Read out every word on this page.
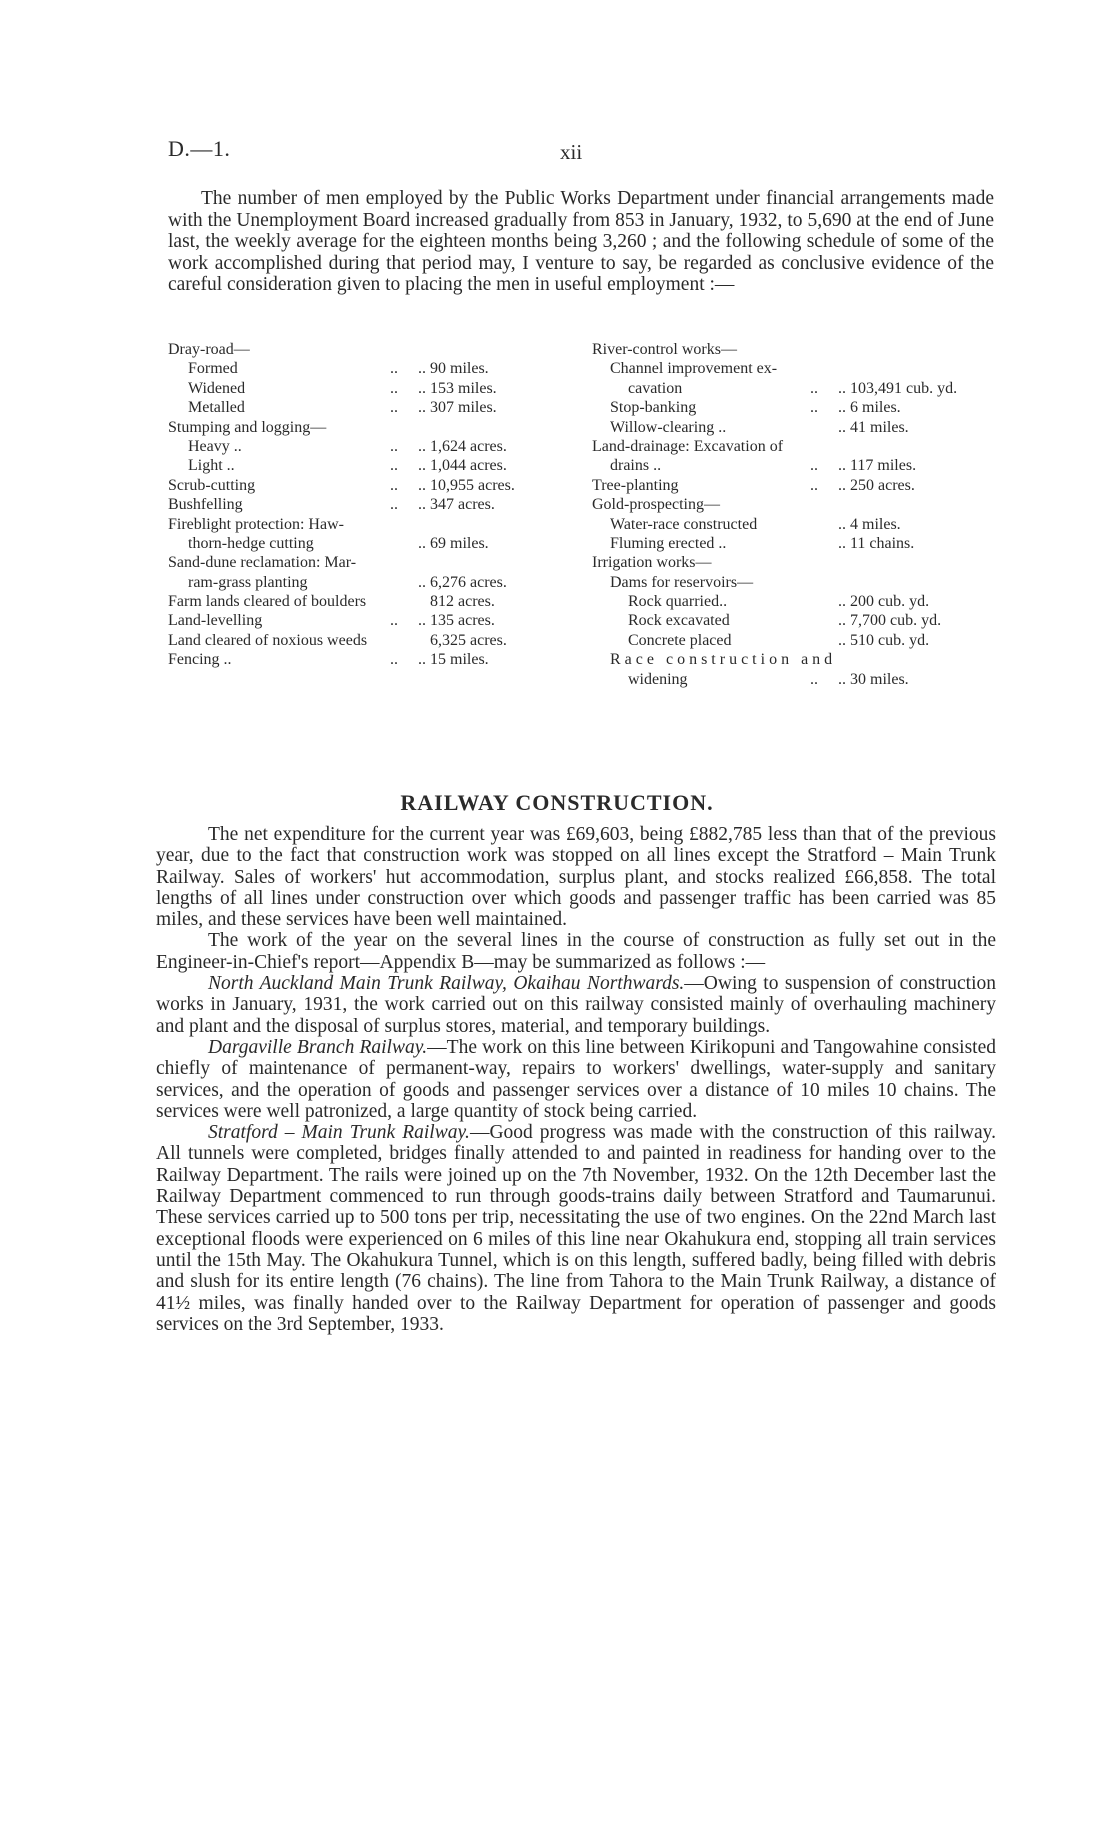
D.—1.	xii

The number of men employed by the Public Works Department under financial arrangements made with the Unemployment Board increased gradually from 853 in January, 1932, to 5,690 at the end of June last, the weekly average for the eighteen months being 3,260 ; and the following schedule of some of the work accomplished during that period may, I venture to say, be regarded as conclusive evidence of the careful consideration given to placing the men in useful employment :—

Dray-road—
Formed	..     .. 90 miles.
Widened	..     .. 153 miles.
Metalled	..     .. 307 miles.
Stumping and logging—
Heavy ..	..     .. 1,624 acres.
Light ..	..     .. 1,044 acres.
Scrub-cutting	..     .. 10,955 acres.
Bushfelling	..     .. 347 acres.
Fireblight protection: Haw-
thorn-hedge cutting	.. 69 miles.
Sand-dune reclamation: Mar-
ram-grass planting	.. 6,276 acres.
Farm lands cleared of boulders	812 acres.
Land-levelling	..     .. 135 acres.
Land cleared of noxious weeds	6,325 acres.
Fencing ..	..     .. 15 miles.
River-control works—
Channel improvement ex-
cavation	..     .. 103,491 cub. yd.
Stop-banking	..     .. 6 miles.
Willow-clearing ..	.. 41 miles.
Land-drainage: Excavation of
drains ..	..     .. 117 miles.
Tree-planting	..     .. 250 acres.
Gold-prospecting—
Water-race constructed	.. 4 miles.
Fluming erected ..	.. 11 chains.
Irrigation works—
Dams for reservoirs—
Rock quarried..	.. 200 cub. yd.
Rock excavated	.. 7,700 cub. yd.
Concrete placed	.. 510 cub. yd.
Race construction and
widening	..     .. 30 miles.
RAILWAY CONSTRUCTION.

The net expenditure for the current year was £69,603, being £882,785 less than that of the previous year, due to the fact that construction work was stopped on all lines except the Stratford – Main Trunk Railway. Sales of workers' hut accommodation, surplus plant, and stocks realized £66,858. The total lengths of all lines under construction over which goods and passenger traffic has been carried was 85 miles, and these services have been well maintained.

The work of the year on the several lines in the course of construction as fully set out in the Engineer-in-Chief's report—Appendix B—may be summarized as follows :—

North Auckland Main Trunk Railway, Okaihau Northwards.—Owing to suspension of construction works in January, 1931, the work carried out on this railway consisted mainly of overhauling machinery and plant and the disposal of surplus stores, material, and temporary buildings.

Dargaville Branch Railway.—The work on this line between Kirikopuni and Tangowahine consisted chiefly of maintenance of permanent-way, repairs to workers' dwellings, water-supply and sanitary services, and the operation of goods and passenger services over a distance of 10 miles 10 chains. The services were well patronized, a large quantity of stock being carried.

Stratford – Main Trunk Railway.—Good progress was made with the construction of this railway. All tunnels were completed, bridges finally attended to and painted in readiness for handing over to the Railway Department. The rails were joined up on the 7th November, 1932. On the 12th December last the Railway Department commenced to run through goods-trains daily between Stratford and Taumarunui. These services carried up to 500 tons per trip, necessitating the use of two engines. On the 22nd March last exceptional floods were experienced on 6 miles of this line near Okahukura end, stopping all train services until the 15th May. The Okahukura Tunnel, which is on this length, suffered badly, being filled with debris and slush for its entire length (76 chains). The line from Tahora to the Main Trunk Railway, a distance of 41½ miles, was finally handed over to the Railway Department for operation of passenger and goods services on the 3rd September, 1933.
